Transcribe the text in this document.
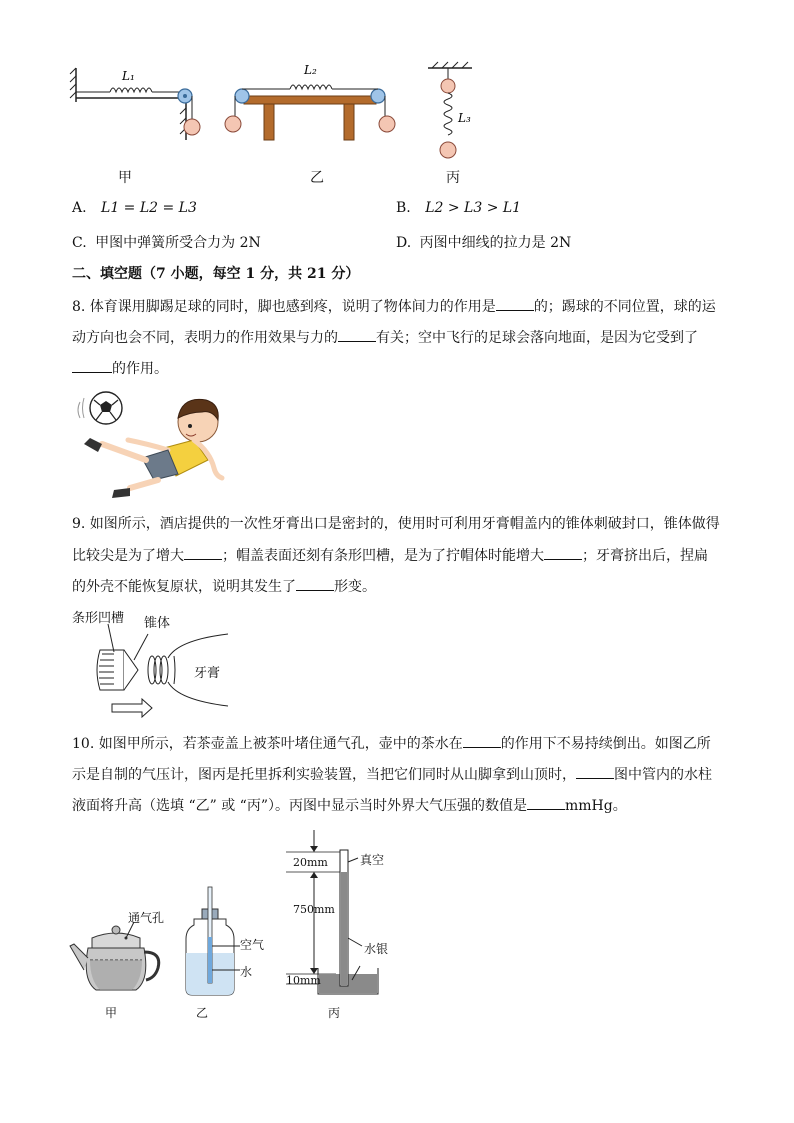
L₁
甲
L₂
乙
L₃
丙
A. L1 = L2 = L3	B. L2 > L3 > L1
C. 甲图中弹簧所受合力为 2N	D. 丙图中细线的拉力是 2N
二、填空题（7 小题，每空 1 分，共 21 分）
8. 体育课用脚踢足球的同时，脚也感到疼，说明了物体间力的作用是	的；踢球的不同位置，球的运
动方向也会不同，表明力的作用效果与力的	有关；空中飞行的足球会落向地面，是因为它受到了
的作用。
9. 如图所示，酒店提供的一次性牙膏出口是密封的，使用时可利用牙膏帽盖内的锥体刺破封口，锥体做得
比较尖是为了增大	；帽盖表面还刻有条形凹槽，是为了拧帽体时能增大	；牙膏挤出后，捏扁
的外壳不能恢复原状，说明其发生了	形变。
条形凹槽 锥体
牙膏
10. 如图甲所示，若茶壶盖上被茶叶堵住通气孔，壶中的茶水在	的作用下不易持续倒出。如图乙所
示是自制的气压计，图丙是托里拆利实验装置，当把它们同时从山脚拿到山顶时，	图中管内的水柱
液面将升高（选填 “乙” 或 “丙”）。丙图中显示当时外界大气压强的数值是	mmHg。
通气孔
空气
水
20mm
750mm
10mm
真空
水银
甲	乙	丙
